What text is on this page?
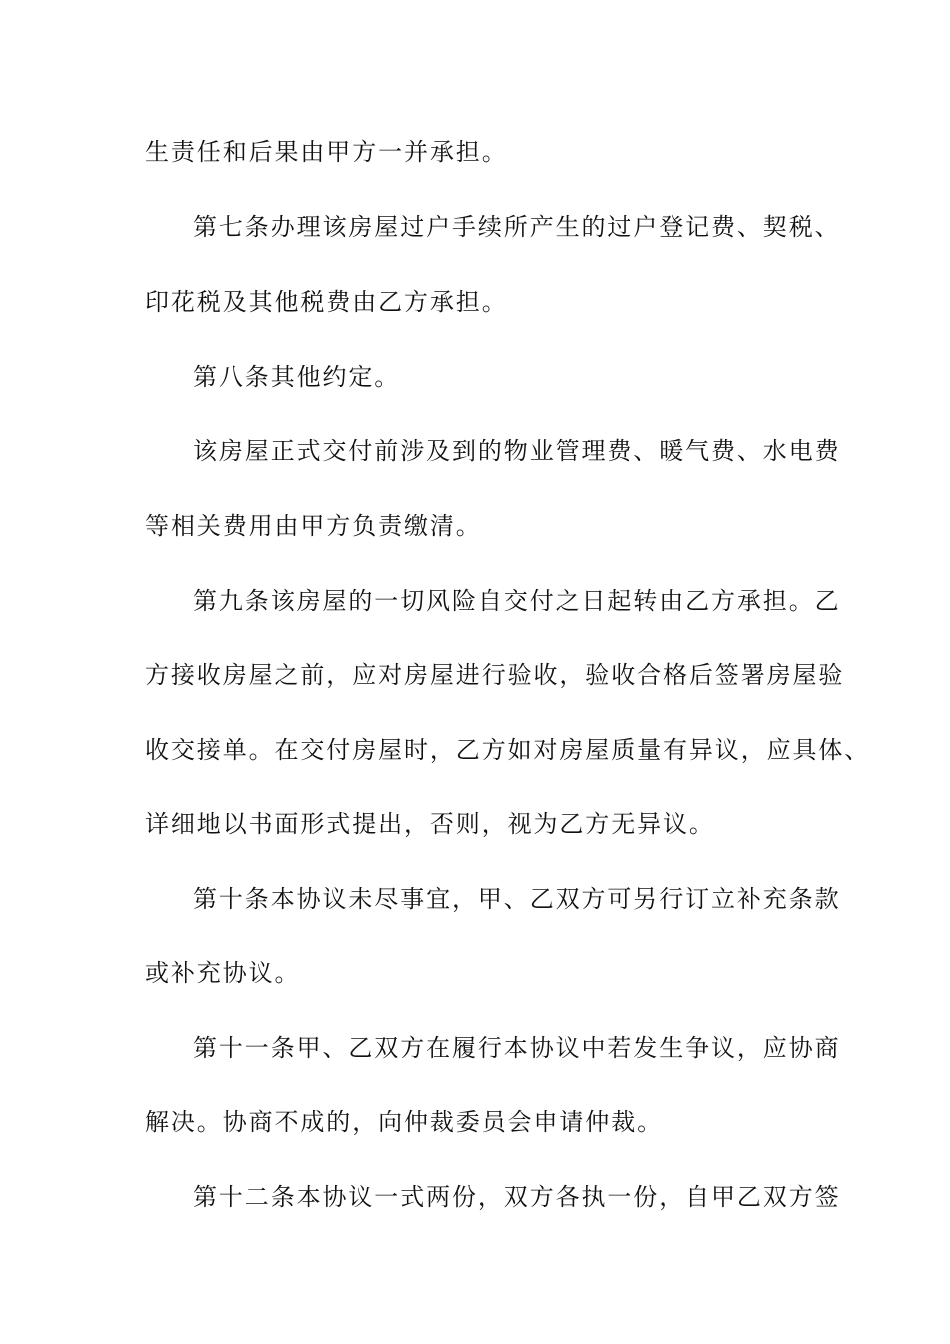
生责任和后果由甲方一并承担。
第七条办理该房屋过户手续所产生的过户登记费、契税、
印花税及其他税费由乙方承担。
第八条其他约定。
该房屋正式交付前涉及到的物业管理费、暖气费、水电费
等相关费用由甲方负责缴清。
第九条该房屋的一切风险自交付之日起转由乙方承担。乙
方接收房屋之前，应对房屋进行验收，验收合格后签署房屋验
收交接单。在交付房屋时，乙方如对房屋质量有异议，应具体、
详细地以书面形式提出，否则，视为乙方无异议。
第十条本协议未尽事宜，甲、乙双方可另行订立补充条款
或补充协议。
第十一条甲、乙双方在履行本协议中若发生争议，应协商
解决。协商不成的，向仲裁委员会申请仲裁。
第十二条本协议一式两份，双方各执一份，自甲乙双方签
